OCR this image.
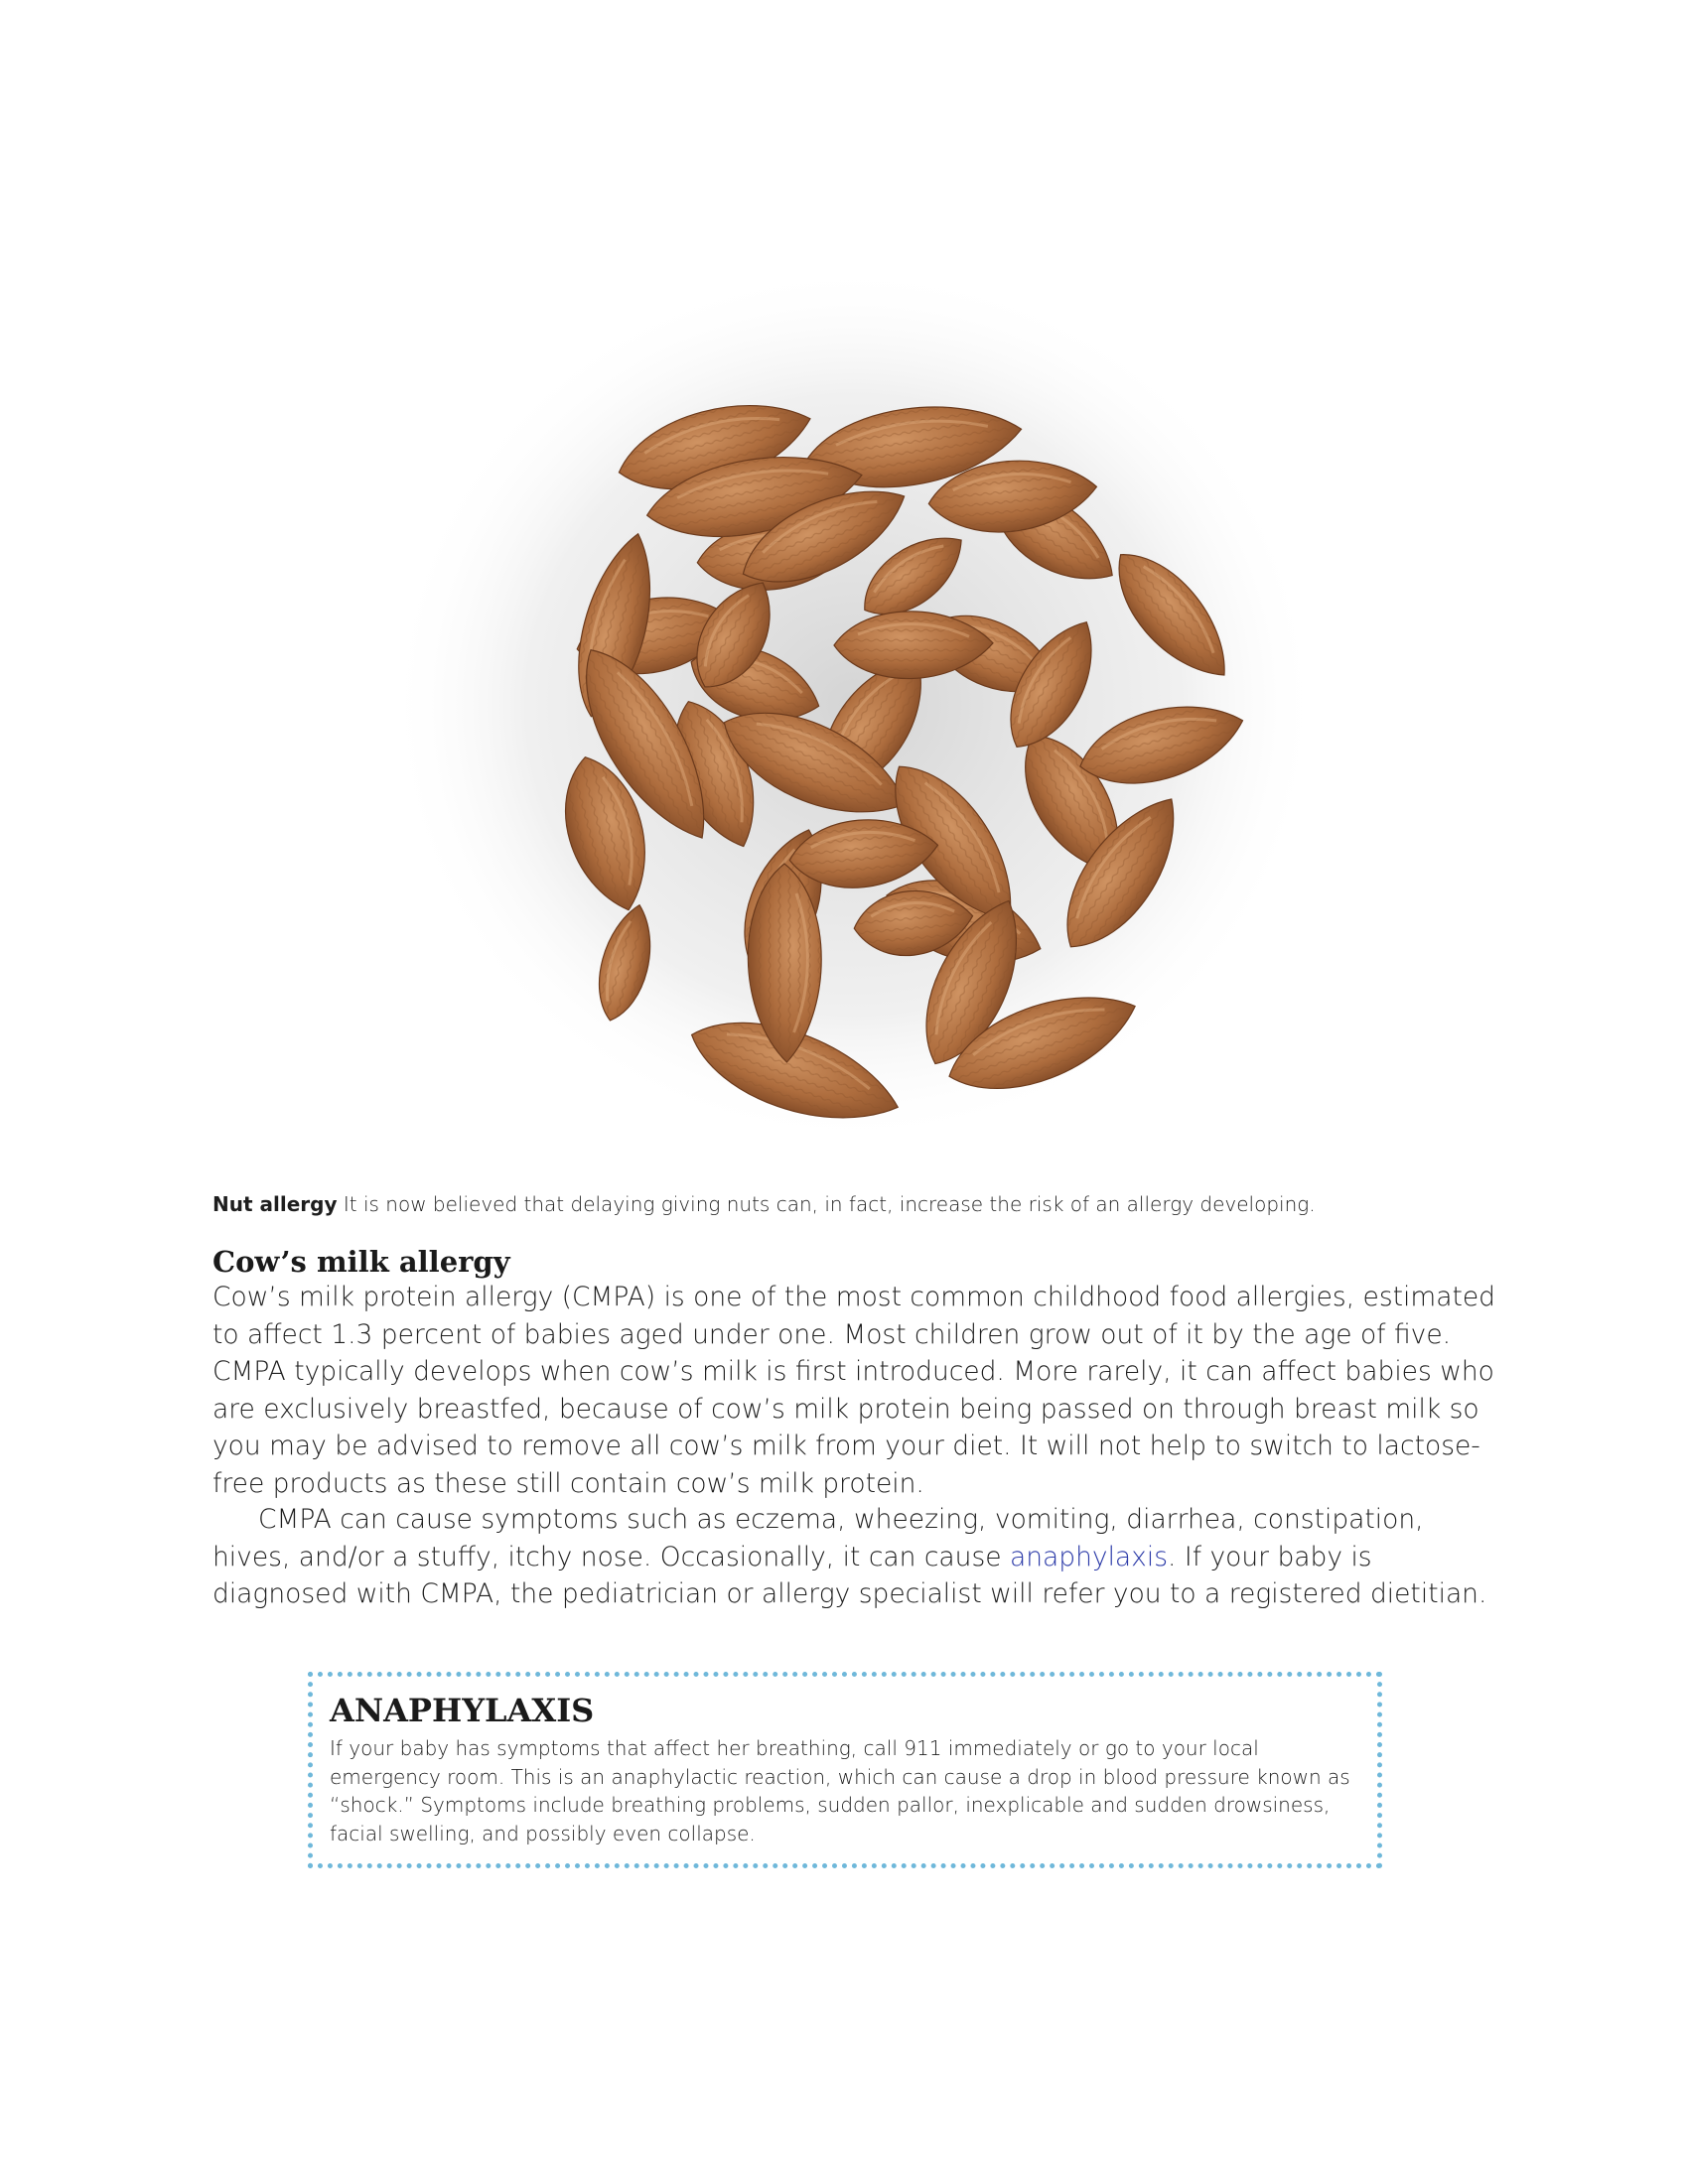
Nut allergy It is now believed that delaying giving nuts can, in fact, increase the risk of an allergy developing.
Cow’s milk allergy

Cow’s milk protein allergy (CMPA) is one of the most common childhood food allergies, estimated to affect 1.3 percent of babies aged under one. Most children grow out of it by the age of five. CMPA typically develops when cow’s milk is first introduced. More rarely, it can affect babies who are exclusively breastfed, because of cow’s milk protein being passed on through breast milk so you may be advised to remove all cow’s milk from your diet. It will not help to switch to lactose-free products as these still contain cow’s milk protein.

CMPA can cause symptoms such as eczema, wheezing, vomiting, diarrhea, constipation, hives, and/or a stuffy, itchy nose. Occasionally, it can cause anaphylaxis. If your baby is diagnosed with CMPA, the pediatrician or allergy specialist will refer you to a registered dietitian.

ANAPHYLAXIS

If your baby has symptoms that affect her breathing, call 911 immediately or go to your local emergency room. This is an anaphylactic reaction, which can cause a drop in blood pressure known as “shock.” Symptoms include breathing problems, sudden pallor, inexplicable and sudden drowsiness, facial swelling, and possibly even collapse.
